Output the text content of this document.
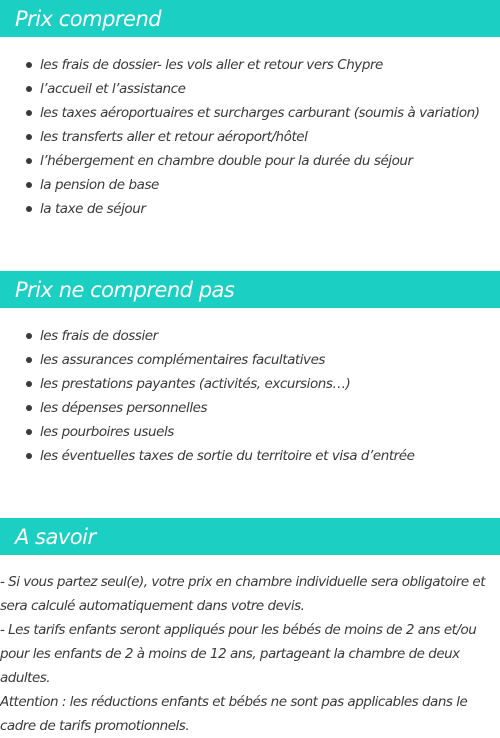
Prix comprend
les frais de dossier- les vols aller et retour vers Chypre
l’accueil et l’assistance
les taxes aéroportuaires et surcharges carburant (soumis à variation)
les transferts aller et retour aéroport/hôtel
l’hébergement en chambre double pour la durée du séjour
la pension de base
la taxe de séjour
Prix ne comprend pas
les frais de dossier
les assurances complémentaires facultatives
les prestations payantes (activités, excursions…)
les dépenses personnelles
les pourboires usuels
les éventuelles taxes de sortie du territoire et visa d’entrée
A savoir

- Si vous partez seul(e), votre prix en chambre individuelle sera obligatoire et sera calculé automatiquement dans votre devis.

- Les tarifs enfants seront appliqués pour les bébés de moins de 2 ans et/ou pour les enfants de 2 à moins de 12 ans, partageant la chambre de deux adultes.

Attention : les réductions enfants et bébés ne sont pas applicables dans le cadre de tarifs promotionnels.
